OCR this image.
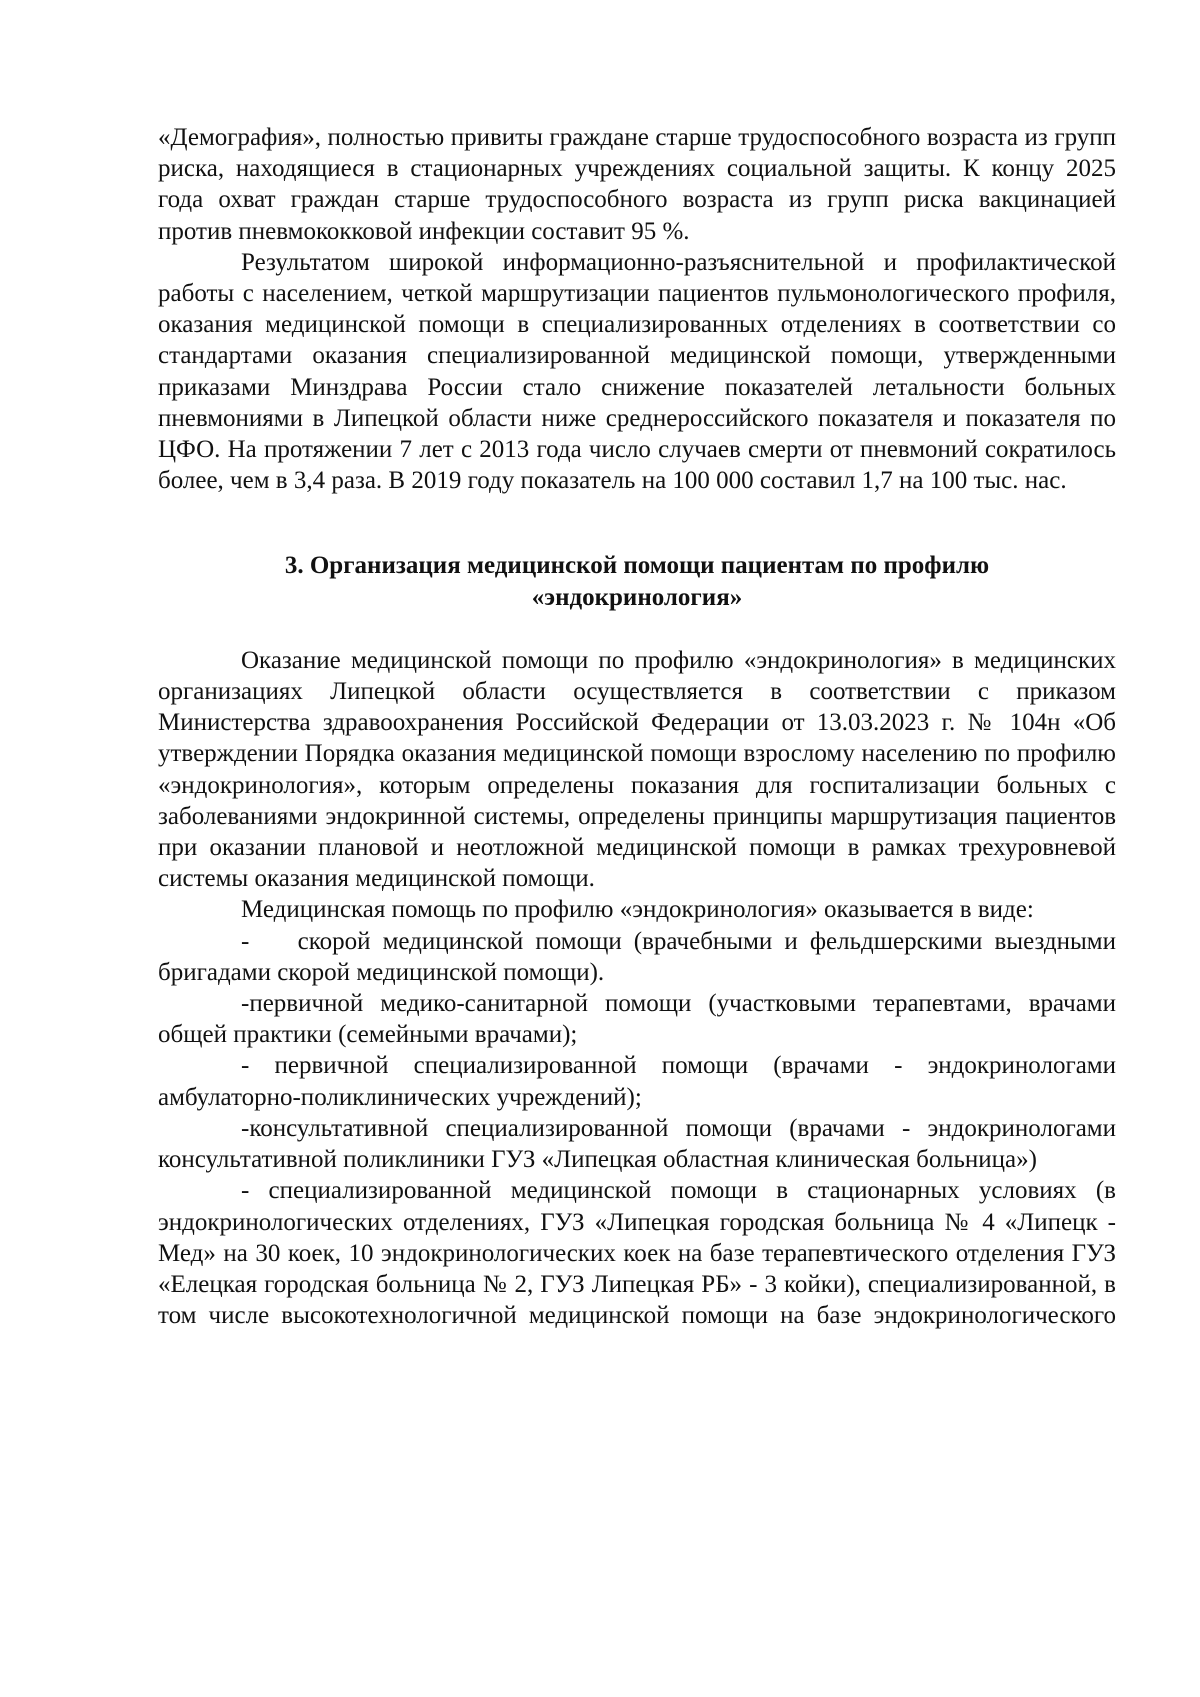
«Демография», полностью привиты граждане старше трудоспособного возраста из групп риска, находящиеся в стационарных учреждениях социальной защиты. К концу 2025 года охват граждан старше трудоспособного возраста из групп риска вакцинацией против пневмококковой инфекции составит 95 %.

Результатом широкой информационно-разъяснительной и профилактической работы с населением, четкой маршрутизации пациентов пульмонологического профиля, оказания медицинской помощи в специализированных отделениях в соответствии со стандартами оказания специализированной медицинской помощи, утвержденными приказами Минздрава России стало снижение показателей летальности больных пневмониями в Липецкой области ниже среднероссийского показателя и показателя по ЦФО. На протяжении 7 лет с 2013 года число случаев смерти от пневмоний сократилось более, чем в 3,4 раза. В 2019 году показатель на 100 000 составил 1,7 на 100 тыс. нас.

3. Организация медицинской помощи пациентам по профилю «эндокринология»

Оказание медицинской помощи по профилю «эндокринология» в медицинских организациях Липецкой области осуществляется в соответствии с приказом Министерства здравоохранения Российской Федерации от 13.03.2023 г. № 104н «Об утверждении Порядка оказания медицинской помощи взрослому населению по профилю «эндокринология», которым определены показания для госпитализации больных с заболеваниями эндокринной системы, определены принципы маршрутизация пациентов при оказании плановой и неотложной медицинской помощи в рамках трехуровневой системы оказания медицинской помощи.

Медицинская помощь по профилю «эндокринология» оказывается в виде:

-    скорой медицинской помощи (врачебными и фельдшерскими выездными бригадами скорой медицинской помощи).

-первичной медико-санитарной помощи (участковыми терапевтами, врачами общей практики (семейными врачами);

- первичной специализированной помощи (врачами - эндокринологами амбулаторно-поликлинических учреждений);

-консультативной специализированной помощи (врачами - эндокринологами консультативной поликлиники ГУЗ «Липецкая областная клиническая больница»)

- специализированной медицинской помощи в стационарных условиях (в эндокринологических отделениях, ГУЗ «Липецкая городская больница № 4 «Липецк - Мед» на 30 коек, 10 эндокринологических коек на базе терапевтического отделения ГУЗ «Елецкая городская больница № 2, ГУЗ Липецкая РБ» - 3 койки), специализированной, в том числе высокотехнологичной медицинской помощи на базе эндокринологического
